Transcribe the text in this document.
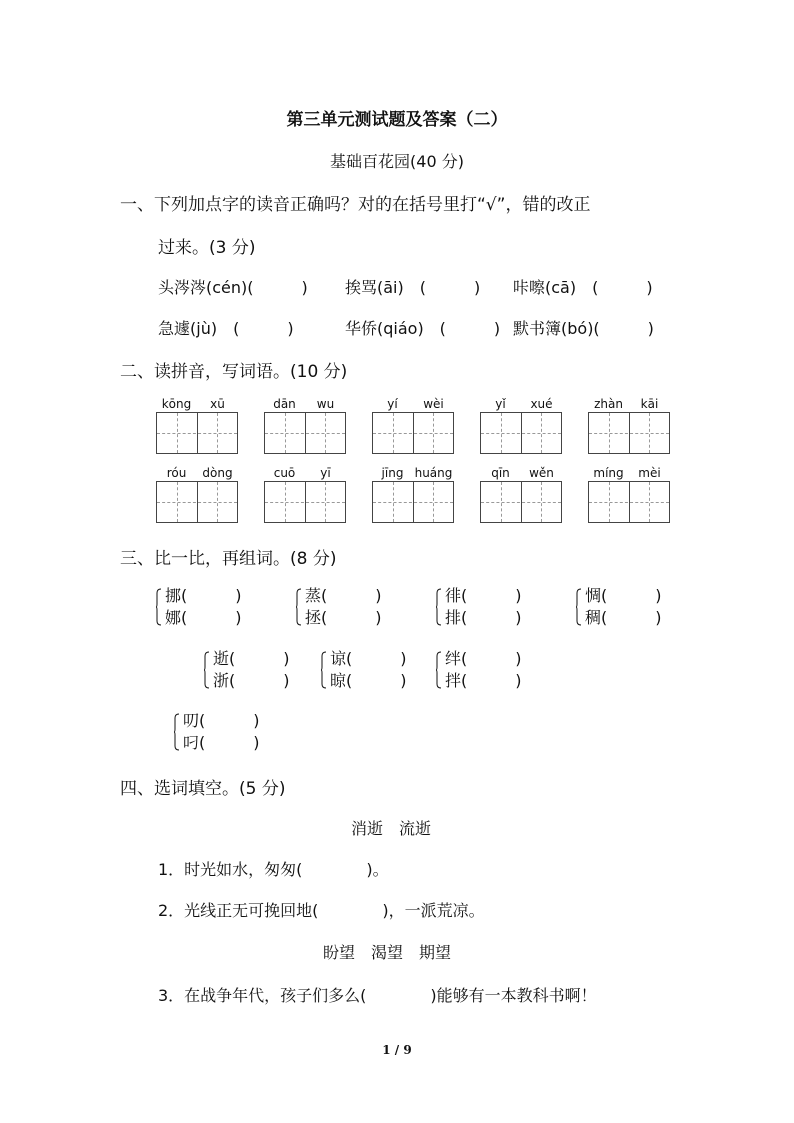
第三单元测试题及答案（二）
基础百花园(40 分)
一、下列加点字的读音正确吗？对的在括号里打“√”，错的改正
过来。(3 分)
头涔涔(cén)(　　　) 挨骂(āi)　(　　　) 咔嚓(cā)　(　　　)
急遽(jù)　(　　　)	华侨(qiáo)　(　　　) 默书簿(bó)(　　　)
二、读拼音，写词语。(10 分)
kōng	xū	dān	wu	yí	wèi	yǐ	xué	zhàn	kāi
róu	dòng	cuō	yī	jīng huáng	qīn	wěn	míng	mèi
三、比一比，再组词。(8 分)
挪(　　　)
娜(　　　)
蒸(　　　)
拯(　　　)
徘(　　　)
排(　　　)
惆(　　　)
稠(　　　)
逝(　　　)
浙(　　　)
谅(　　　)
晾(　　　)
绊(　　　)
拌(　　　)
叨(　　　)
叼(　　　)
四、选词填空。(5 分)
消逝　流逝
1．时光如水，匆匆(　　　　)。
2．光线正无可挽回地(　　　　)，一派荒凉。
盼望　渴望　期望
3．在战争年代，孩子们多么(　　　　)能够有一本教科书啊！
1 / 9
